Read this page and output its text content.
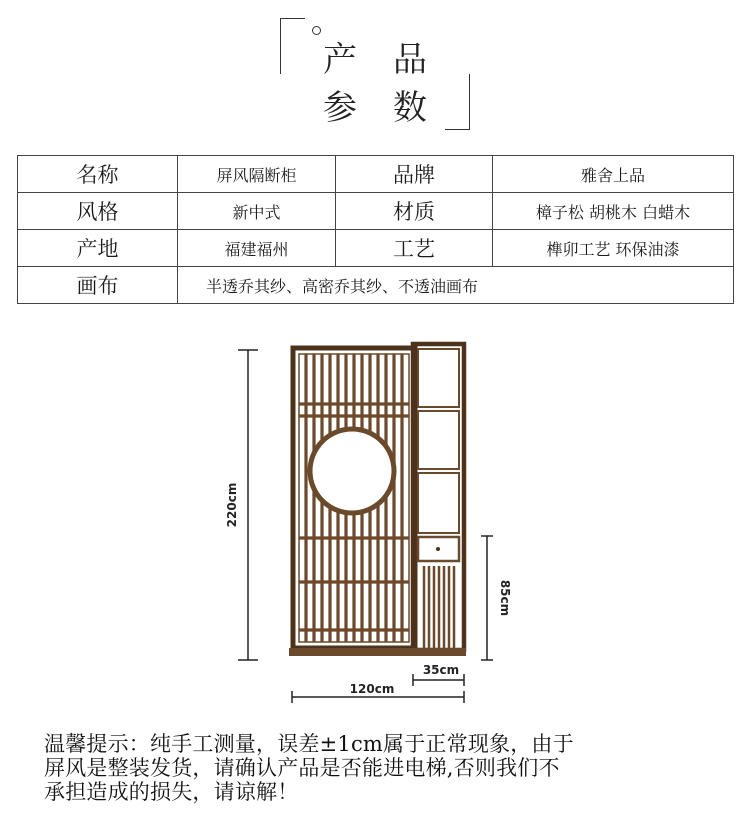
产品
参数
名称	屏风隔断柜	品牌	雅舍上品
风格	新中式	材质	樟子松 胡桃木 白蜡木
产地	福建福州	工艺	榫卯工艺 环保油漆
画布	半透乔其纱、高密乔其纱、不透油画布		
220cm
85cm
35cm
120cm
温馨提示：纯手工测量，误差±1cm属于正常现象，由于
屏风是整装发货，请确认产品是否能进电梯,否则我们不
承担造成的损失，请谅解！
